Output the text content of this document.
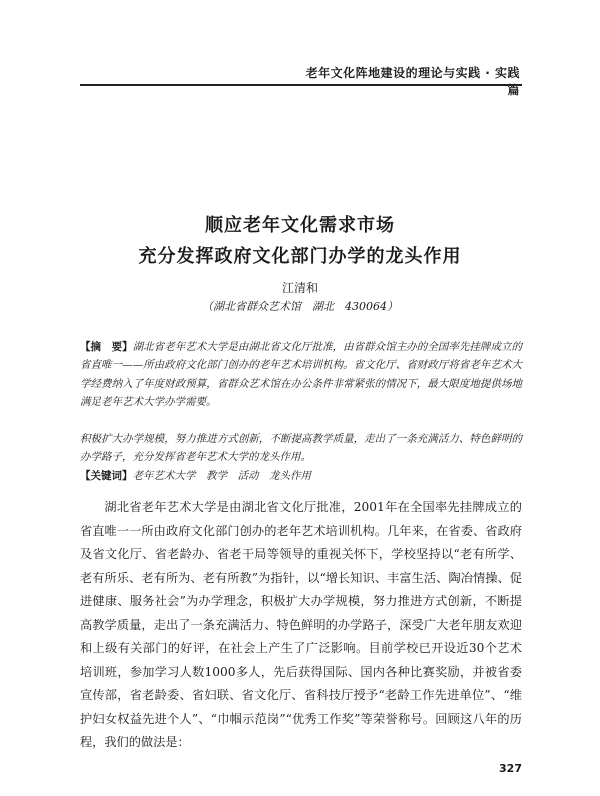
老年文化阵地建设的理论与实践 · 实践篇
顺应老年文化需求市场
充分发挥政府文化部门办学的龙头作用
江清和
（湖北省群众艺术馆　湖北　430064）

【摘　要】湖北省老年艺术大学是由湖北省文化厅批准，由省群众馆主办的全国率先挂牌成立的省直唯一——所由政府文化部门创办的老年艺术培训机构。省文化厅、省财政厅将省老年艺术大学经费纳入了年度财政预算，省群众艺术馆在办公条件非常紧张的情况下，最大限度地提供场地满足老年艺术大学办学需要。

积极扩大办学规模，努力推进方式创新，不断提高教学质量，走出了一条充满活力、特色鲜明的办学路子，充分发挥省老年艺术大学的龙头作用。

【关键词】老年艺术大学　教学　活动　龙头作用

湖北省老年艺术大学是由湖北省文化厅批准，2001年在全国率先挂牌成立的省直唯一一所由政府文化部门创办的老年艺术培训机构。几年来，在省委、省政府及省文化厅、省老龄办、省老干局等领导的重视关怀下，学校坚持以“老有所学、老有所乐、老有所为、老有所教”为指针，以“增长知识、丰富生活、陶冶情操、促进健康、服务社会”为办学理念，积极扩大办学规模，努力推进方式创新，不断提高教学质量，走出了一条充满活力、特色鲜明的办学路子，深受广大老年朋友欢迎和上级有关部门的好评，在社会上产生了广泛影响。目前学校已开设近30个艺术培训班，参加学习人数1000多人，先后获得国际、国内各种比赛奖励，并被省委宣传部，省老龄委、省妇联、省文化厅、省科技厅授予“老龄工作先进单位”、“维护妇女权益先进个人”、“巾帼示范岗”“优秀工作奖”等荣誉称号。回顾这八年的历程，我们的做法是：

327
